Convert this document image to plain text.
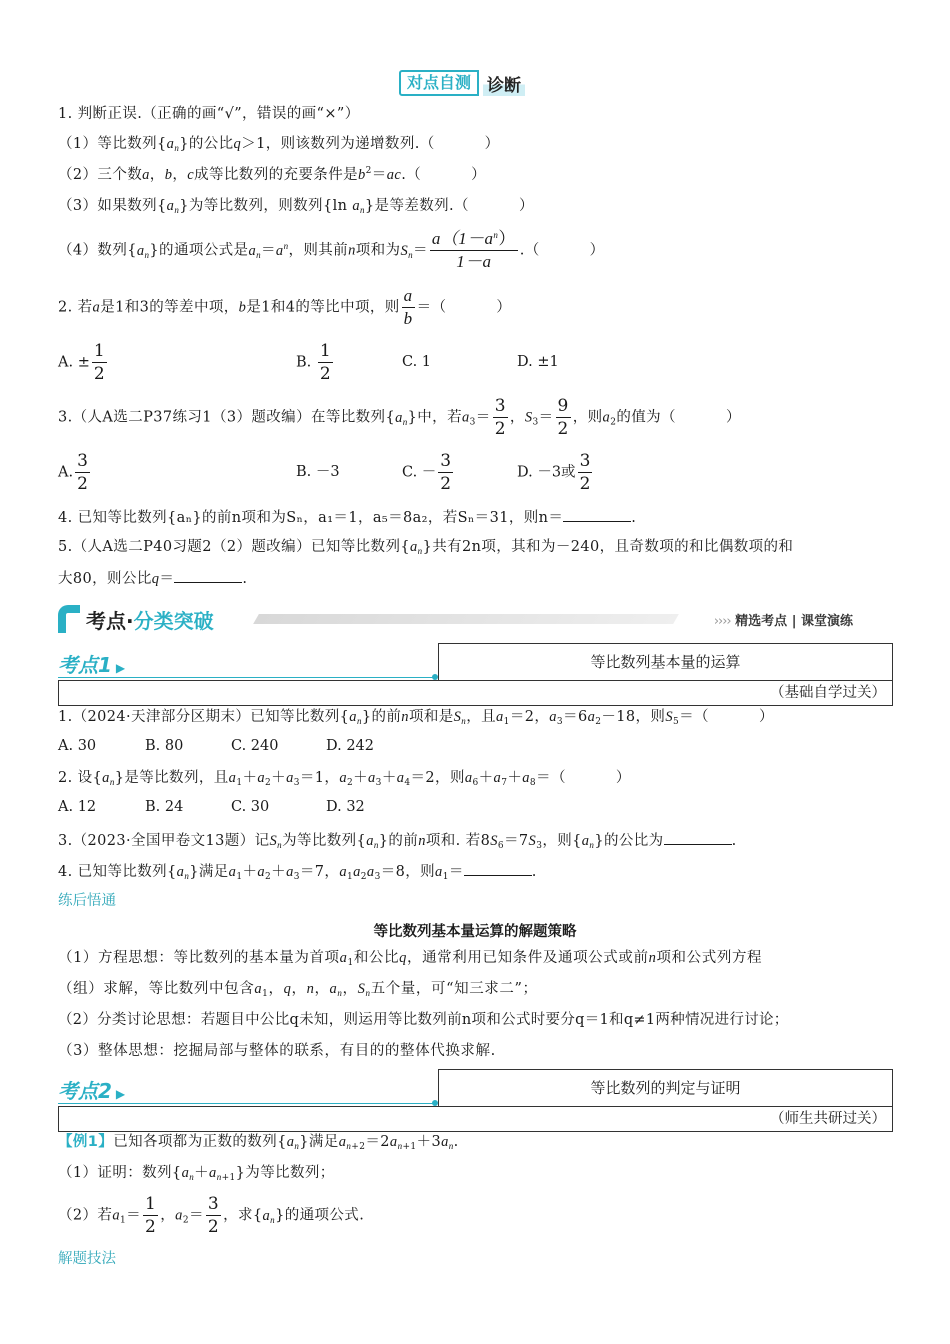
对点自测 诊断
1. 判断正误.（正确的画“√”，错误的画“×”）
（1）等比数列$\{a_n\}$的公比q＞1，则该数列为递增数列.（	）
（2）三个数a，b，c成等比数列的充要条件是$b^2=ac$.（	）
（3）如果数列$\{a_n\}$为等比数列，则数列{ln $a_n$}是等差数列.（	）
（4）数列$\{a_n\}$的通项公式是$a_n=a^n$，则其前n项和为$S_n= \frac{a(1-a^n)}{1-a}$ .（	）
2. 若a是1和3的等差中项，b是1和4的等比中项，则 $\frac{a}{b}$ ＝（	）
A. ± $\frac{1}{2}$	B. $\frac{1}{2}$	C. 1	D. ±1
3.（人A选二P37练习1（3）题改编）在等比数列$\{a_n\}$中，若$a_3= \frac{3}{2}$ ，$S_3= \frac{9}{2}$ ，则$a_2$的值为（	）
A. $\frac{3}{2}$	B. －3	C. － $\frac{3}{2}$	D. －3或 $\frac{3}{2}$
4. 已知等比数列{aₙ}的前n项和为Sₙ，a₁＝1，a₅＝8a₂，若Sₙ＝31，则n＝	.
5.（人A选二P40习题2（2）题改编）已知等比数列$\{a_n\}$共有2n项，其和为－240，且奇数项的和比偶数项的和
大80，则公比q＝	.
考点·分类突破	›››› 精选考点 | 课堂演练
考点1 ▶	等比数列基本量的运算
（基础自学过关）
1.（2024·天津部分区期末）已知等比数列$\{a_n\}$的前n项和是$S_n$，且$a_1=2$，$a_3=6a_2-18$，则$S_5=$（	）
A. 30	B. 80	C. 240	D. 242
2. 设$\{a_n\}$是等比数列，且$a_1+a_2+a_3=1$，$a_2+a_3+a_4=2$，则$a_6+a_7+a_8=$（	）
A. 12	B. 24	C. 30	D. 32
3.（2023·全国甲卷文13题）记$S_n$为等比数列$\{a_n\}$的前n项和. 若$8S_6=7S_3$，则$\{a_n\}$的公比为	.
4. 已知等比数列$\{a_n\}$满足$a_1+a_2+a_3=7$，$a_1a_2a_3=8$，则$a_1=$	.
练后悟通
等比数列基本量运算的解题策略
（1）方程思想：等比数列的基本量为首项$a_1$和公比q，通常利用已知条件及通项公式或前n项和公式列方程
（组）求解，等比数列中包含$a_1$，q，n，$a_n$，$S_n$五个量，可“知三求二”；
（2）分类讨论思想：若题目中公比q未知，则运用等比数列前n项和公式时要分q＝1和q≠1两种情况进行讨论；
（3）整体思想：挖掘局部与整体的联系，有目的的整体代换求解.
考点2 ▶	等比数列的判定与证明
（师生共研过关）
【例1】已知各项都为正数的数列$\{a_n\}$满足$a_{n+2}=2a_{n+1}+3a_n$.
（1）证明：数列$\{a_n+a_{n+1}\}$为等比数列；
（2）若$a_1= \frac{1}{2}$ ，$a_2= \frac{3}{2}$ ，求$\{a_n\}$的通项公式.
解题技法
